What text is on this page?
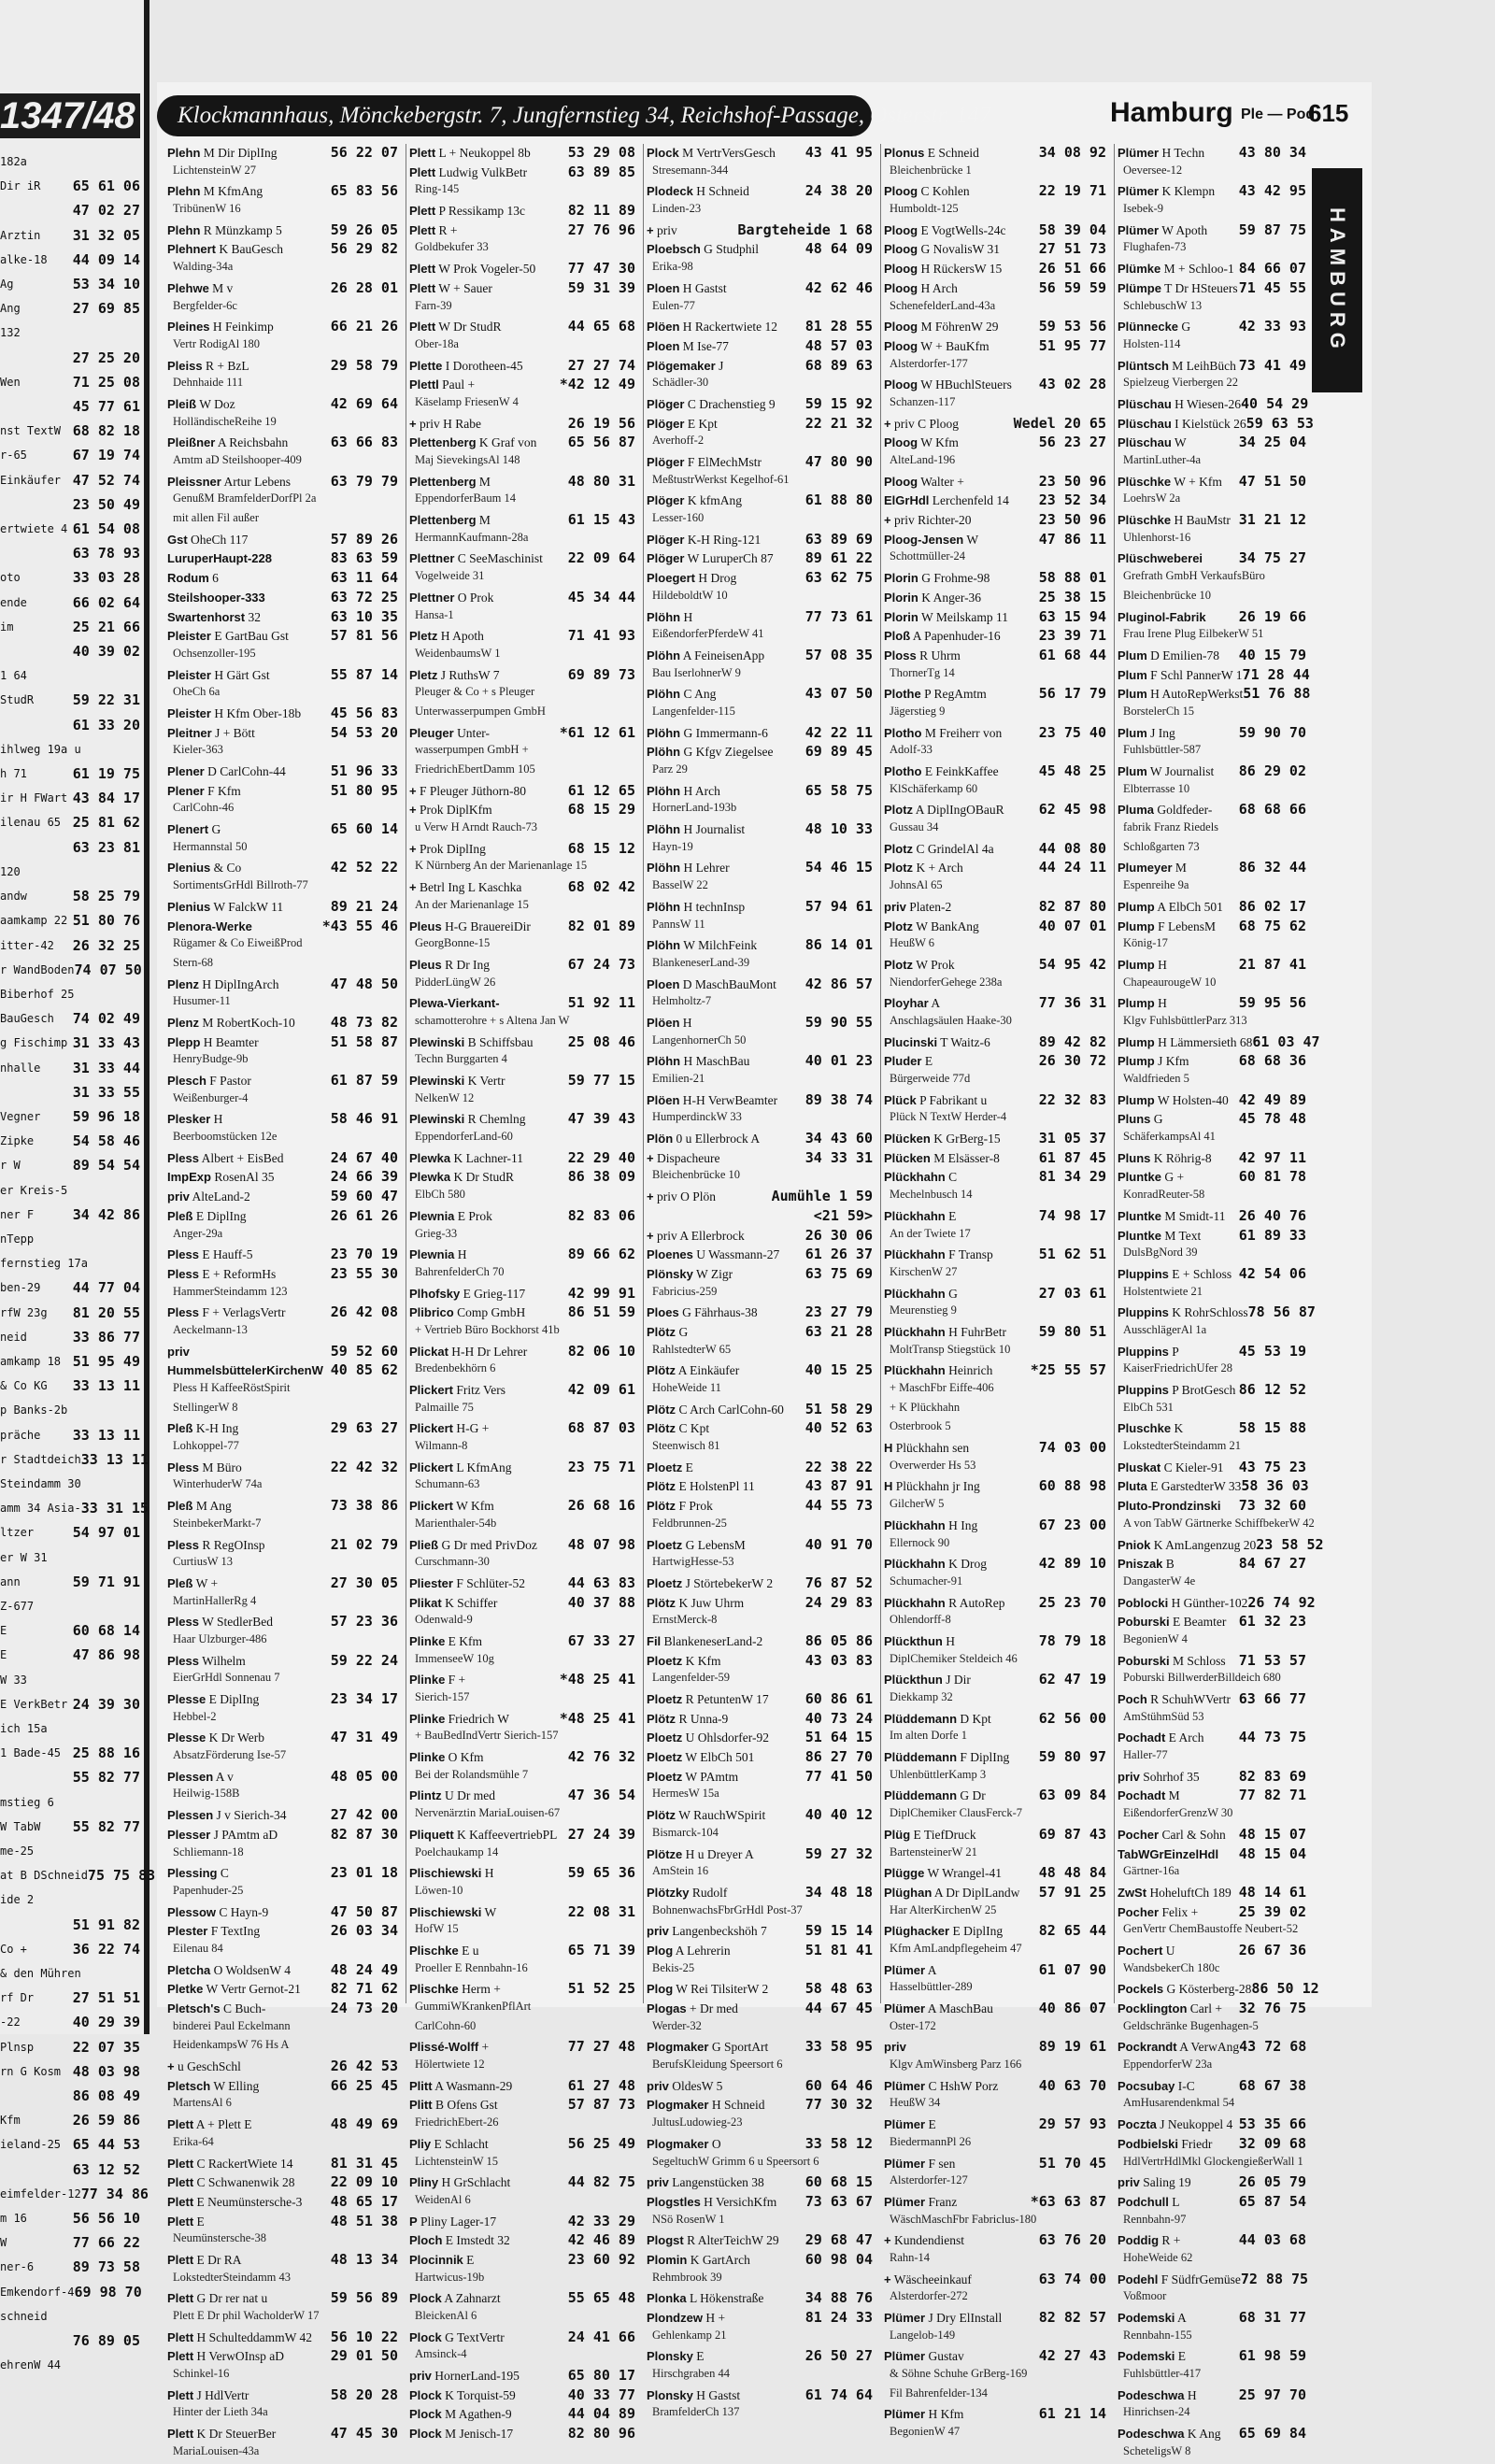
1347/48
182a
Dir iR 65 61 06
47 02 27
Arztin 31 32 05
alke-18 44 09 14
Ag	53 34 10
Ang	27 69 85
132
27 25 20
Wen	71 25 08
45 77 61
nst TextW 68 82 18
r-65	67 19 74
Einkäufer 47 52 74
23 50 49
ertwiete 4 61 54 08
63 78 93
oto	33 03 28
ende	66 02 64
im	25 21 66
40 39 02
1 64
StudR	59 22 31
61 33 20
ihlweg 19a u
h 71	61 19 75
ir H FWart 43 84 17
ilenau 65 25 81 62
63 23 81
120
andw	58 25 79
aamkamp 22 51 80 76
itter-42 26 32 25
r WandBoden 74 07 50
Biberhof 25
BauGesch 74 02 49
g Fischimp 31 33 43
nhalle 31 33 44
31 33 55
Vegner 59 96 18
Zipke	54 58 46
r W	89 54 54
er Kreis-5
ner F	34 42 86
nTepp
fernstieg 17a
ben-29 44 77 04
rfW 23g 81 20 55
neid	33 86 77
amkamp 18 51 95 49
& Co KG 33 13 11
p Banks-2b
präche 33 13 11
r Stadtdeich 33 13 11
Steindamm 30
amm 34 Asia- 33 31 15
ltzer	54 97 01
er W 31
ann	59 71 91
Z-677
E	60 68 14
E	47 86 98
W 33
E VerkBetr 24 39 30
ich 15a
1 Bade-45 25 88 16
55 82 77
mstieg 6
W TabW 55 82 77
me-25
at B DSchneid 75 75 83
ide 2
51 91 82
Co +	36 22 74
& den Mühren
rf Dr	27 51 51
-22	40 29 39
Plnsp	22 07 35
rn G Kosm 48 03 98
86 08 49
Kfm	26 59 86
ieland-25 65 44 53
63 12 52
eimfelder-12 77 34 86
m 16	56 56 10
W	77 66 22
ner-6	89 73 58
Emkendorf-4 69 98 70
schneid
76 89 05
ehrenW 44
Klockmannhaus, Mönckebergstr. 7, Jungfernstieg 34, Reichshof-Passage, Osterstr. 147	Hamburg Ple — Pod
615
HAMBURG
Plehn M Dir DiplIng	56 22 07
LichtensteinW 27
Plehn M KfmAng	65 83 56
TribünenW 16
Plehn R Münzkamp 5	59 26 05
Plehnert K BauGesch	56 29 82
Walding-34a
Plehwe M v	26 28 01
Bergfelder-6c
Pleines H Feinkimp	66 21 26
Vertr RodigAl 180
Pleiss R + BzL	29 58 79
Dehnhaide 111
Pleiß W Doz	42 69 64
HolländischeReihe 19
Pleißner A Reichsbahn	63 66 83
Amtm aD Steilshooper-409
Pleissner Artur Lebens	63 79 79
GenußM BramfelderDorfPl 2a
mit allen Fil außer
Gst OheCh 117	57 89 26
LuruperHaupt-228	83 63 59
Rodum 6	63 11 64
Steilshooper-333	63 72 25
Swartenhorst 32	63 10 35
Pleister E GartBau Gst	57 81 56
Ochsenzoller-195
Pleister H Gärt Gst	55 87 14
OheCh 6a
Pleister H Kfm Ober-18b 45 56 83
Pleitner J + Bött	54 53 20
Kieler-363
Plener D CarlCohn-44	51 96 33
Plener F Kfm	51 80 95
CarlCohn-46
Plenert G	65 60 14
Hermannstal 50
Plenius & Co	42 52 22
SortimentsGrHdl Billroth-77
Plenius W FalckW 11	89 21 24
Plenora-Werke	*43 55 46
Rügamer & Co EiweißProd
Stern-68
Plenz H DiplIngArch	47 48 50
Husumer-11
Plenz M RobertKoch-10	48 73 82
Plepp H Beamter	51 58 87
HenryBudge-9b
Plesch F Pastor	61 87 59
Weißenburger-4
Plesker H	58 46 91
Beerboomstücken 12e
Pless Albert + EisBed	24 67 40
ImpExp RosenAl 35	24 66 39
priv AlteLand-2	59 60 47
Pleß E DiplIng	26 61 26
Anger-29a
Pless E Hauff-5	23 70 19
Pless E + ReformHs	23 55 30
HammerSteindamm 123
Pless F + VerlagsVertr	26 42 08
Aeckelmann-13
priv	59 52 60
HummelsbüttelerKirchenW 40 85 62
Pless H KaffeeRöstSpirit
StellingerW 8
Pleß K-H Ing	29 63 27
Lohkoppel-77
Pless M Büro	22 42 32
WinterhuderW 74a
Pleß M Ang	73 38 86
SteinbekerMarkt-7
Pless R RegOInsp	21 02 79
CurtiusW 13
Pleß W +	27 30 05
MartinHallerRg 4
Pless W StedlerBed	57 23 36
Haar Ulzburger-486
Pless Wilhelm	59 22 24
EierGrHdl Sonnenau 7
Plesse E DiplIng	23 34 17
Hebbel-2
Plesse K Dr Werb	47 31 49
AbsatzFörderung Ise-57
Plessen A v	48 05 00
Heilwig-158B
Plessen J v Sierich-34	27 42 00
Plesser J PAmtm aD	82 87 30
Schliemann-18
Plessing C	23 01 18
Papenhuder-25
Plessow C Hayn-9	47 50 87
Plester F TextIng	26 03 34
Eilenau 84
Pletcha O WoldsenW 4	48 24 49
Pletke W Vertr Gernot-21 82 71 62
Pletsch's C Buch-	24 73 20
binderei Paul Eckelmann
HeidenkampsW 76 Hs A
+ u GeschSchl	26 42 53
Pletsch W Elling	66 25 45
MartensAl 6
Plett A + Plett E	48 49 69
Erika-64
Plett C RackertWiete 14	81 31 45
Plett C Schwanenwik 28	22 09 10
Plett E Neumünstersche-3 48 65 17
Plett E	48 51 38
Neumünstersche-38
Plett E Dr RA	48 13 34
LokstedterSteindamm 43
Plett G Dr rer nat u	59 56 89
Plett E Dr phil WacholderW 17
Plett H SchulteddammW 42 56 10 22
Plett H VerwOInsp aD	29 01 50
Schinkel-16
Plett J HdlVertr	58 20 28
Hinter der Lieth 34a
Plett K Dr SteuerBer	47 45 30
MariaLouisen-43a
Plett L + Neukoppel 8b	53 29 08
Plett Ludwig VulkBetr	63 89 85
Ring-145
Plett P Ressikamp 13c	82 11 89
Plett R +	27 76 96
Goldbekufer 33
Plett W Prok Vogeler-50 77 47 30
Plett W + Sauer	59 31 39
Farn-39
Plett W Dr StudR	44 65 68
Ober-18a
Plette I Dorotheen-45	27 27 74
Plettl Paul +	*42 12 49
Käselamp FriesenW 4
+ priv H Rabe	26 19 56
Plettenberg K Graf von 65 56 87
Maj SievekingsAl 148
Plettenberg M	48 80 31
EppendorferBaum 14
Plettenberg M	61 15 43
HermannKaufmann-28a
Plettner C SeeMaschinist 22 09 64
Vogelweide 31
Plettner O Prok	45 34 44
Hansa-1
Pletz H Apoth	71 41 93
WeidenbaumsW 1
Pletz J RuthsW 7	69 89 73
Pleuger & Co + s Pleuger
Unterwasserpumpen GmbH
Pleuger Unter-	*61 12 61
wasserpumpen GmbH +
FriedrichEbertDamm 105
+ F Pleuger Jüthorn-80	61 12 65
+ Prok DiplKfm	68 15 29
u Verw H Arndt Rauch-73
+ Prok DiplIng	68 15 12
K Nürnberg An der Marienanlage 15
+ Betrl Ing L Kaschka	68 02 42
An der Marienanlage 15
Pleus H-G BrauereiDir	82 01 89
GeorgBonne-15
Pleus R Dr Ing	67 24 73
PidderLüngW 26
Plewa-Vierkant-	51 92 11
schamotterohre + s Altena Jan W
Plewinski B Schiffsbau 25 08 46
Techn Burggarten 4
Plewinski K Vertr	59 77 15
NelkenW 12
Plewinski R Chemlng	47 39 43
EppendorferLand-60
Plewka K Lachner-11	22 29 40
Plewka K Dr StudR	86 38 09
ElbCh 580
Plewnia E Prok	82 83 06
Grieg-33
Plewnia H	89 66 62
BahrenfelderCh 70
Plhofsky E Grieg-117	42 99 91
Plibrico Comp GmbH	86 51 59
+ Vertrieb Büro Bockhorst 41b
Plickat H-H Dr Lehrer	82 06 10
Bredenbekhörn 6
Plickert Fritz Vers	42 09 61
Palmaille 75
Plickert H-G +	68 87 03
Wilmann-8
Plickert L KfmAng	23 75 71
Schumann-63
Plickert W Kfm	26 68 16
Marienthaler-54b
Pließ G Dr med PrivDoz 48 07 98
Curschmann-30
Pliester F Schlüter-52	44 63 83
Plikat K Schiffer	40 37 88
Odenwald-9
Plinke E Kfm	67 33 27
ImmenseeW 10g
Plinke F +	*48 25 41
Sierich-157
Plinke Friedrich W	*48 25 41
+ BauBedIndVertr Sierich-157
Plinke O Kfm	42 76 32
Bei der Rolandsmühle 7
Plintz U Dr med	47 36 54
Nervenärztin MariaLouisen-67
Pliquett K KaffeevertriebPL 27 24 39
Poelchaukamp 14
Plischiewski H	59 65 36
Löwen-10
Plischiewski W	22 08 31
HofW 15
Plischke E u	65 71 39
Proeller E Rennbahn-16
Plischke Herm +	51 52 25
GummiWKrankenPflArt
CarlCohn-60
Plissé-Wolff +	77 27 48
Hölertwiete 12
Plitt A Wasmann-29	61 27 48
Plitt B Ofens Gst	57 87 73
FriedrichEbert-26
Pliy E Schlacht	56 25 49
LichtensteinW 15
Pliny H GrSchlacht	44 82 75
WeidenAl 6
P Pliny Lager-17	42 33 29
Ploch E Imstedt 32	42 46 89
Plocinnik E	23 60 92
Hartwicus-19b
Plock A Zahnarzt	55 65 48
BleickenAl 6
Plock G TextVertr	24 41 66
Amsinck-4
priv HornerLand-195	65 80 17
Plock K Torquist-59	40 33 77
Plock M Agathen-9	44 04 89
Plock M Jenisch-17	82 80 96
Plock M VertrVersGesch 43 41 95
Stresemann-344
Plodeck H Schneid	24 38 20
Linden-23
+ priv	Bargteheide 1 68
Ploebsch G Studphil	48 64 09
Erika-98
Ploen H Gastst	42 62 46
Eulen-77
Plöen H Rackertwiete 12 81 28 55
Ploen M Ise-77	48 57 03
Plögemaker J	68 89 63
Schädler-30
Plöger C Drachenstieg 9 59 15 92
Plöger E Kpt	22 21 32
Averhoff-2
Plöger F ElMechMstr	47 80 90
MeßtustrWerkst Kegelhof-61
Plöger K kfmAng	61 88 80
Lesser-160
Plöger K-H Ring-121	63 89 69
Plöger W LuruperCh 87 89 61 22
Ploegert H Drog	63 62 75
HildeboldtW 10
Plöhn H	77 73 61
EißendorferPferdeW 41
Plöhn A FeineisenApp	57 08 35
Bau IserlohnerW 9
Plöhn C Ang	43 07 50
Langenfelder-115
Plöhn G Immermann-6	42 22 11
Plöhn G Kfgv Ziegelsee 69 89 45
Parz 29
Plöhn H Arch	65 58 75
HornerLand-193b
Plöhn H Journalist	48 10 33
Hayn-19
Plöhn H Lehrer	54 46 15
BasselW 22
Plöhn H technInsp	57 94 61
PannsW 11
Plöhn W MilchFeink	86 14 01
BlankeneserLand-39
Ploen D MaschBauMont 42 86 57
Helmholtz-7
Plöen H	59 90 55
LangenhornerCh 50
Plöhn H MaschBau	40 01 23
Emilien-21
Plöen H-H VerwBeamter 89 38 74
HumperdinckW 33
Plön 0 u Ellerbrock A	34 43 60
+ Dispacheure	34 33 31
Bleichenbrücke 10
+ priv O Plön	Aumühle 1 59
<21 59>
+ priv A Ellerbrock	26 30 06
Ploenes U Wassmann-27 61 26 37
Plönsky W Zigr	63 75 69
Fabricius-259
Ploes G Fährhaus-38	23 27 79
Plötz G	63 21 28
RahlstedterW 65
Plötz A Einkäufer	40 15 25
HoheWeide 11
Plötz C Arch CarlCohn-60 51 58 29
Plötz C Kpt	40 52 63
Steenwisch 81
Ploetz E	22 38 22
Plötz E HolstenPl 11	43 87 91
Plötz F Prok	44 55 73
Feldbrunnen-25
Ploetz G LebensM	40 91 70
HartwigHesse-53
Ploetz J StörtebekerW 2 76 87 52
Plötz K Juw Uhrm	24 29 83
ErnstMerck-8
Fil BlankeneserLand-2	86 05 86
Ploetz K Kfm	43 03 83
Langenfelder-59
Ploetz R PetuntenW 17	60 86 61
Plötz R Unna-9	40 73 24
Ploetz U Ohlsdorfer-92	51 64 15
Ploetz W ElbCh 501	86 27 70
Ploetz W PAmtm	77 41 50
HermesW 15a
Plötz W RauchWSpirit	40 40 12
Bismarck-104
Plötze H u Dreyer A	59 27 32
AmStein 16
Plötzky Rudolf	34 48 18
BohnenwachsFbrGrHdl Post-37
priv Langenbeckshöh 7	59 15 14
Plog A Lehrerin	51 81 41
Bekis-25
Plog W Rei TilsiterW 2	58 48 63
Plogas + Dr med	44 67 45
Werder-32
Plogmaker G SportArt	33 58 95
BerufsKleidung Speersort 6
priv OldesW 5	60 64 46
Plogmaker H Schneid	77 30 32
JultusLudowieg-23
Plogmaker O	33 58 12
SegeltuchW Grimm 6 u Speersort 6
priv Langenstücken 38	60 68 15
Plogstles H VersichKfm 73 63 67
NSö RosenW 1
Plogst R AlterTeichW 29 29 68 47
Plomin K GartArch	60 98 04
Rehmbrook 39
Plonka L Hökenstraße	34 88 76
Plondzew H +	81 24 33
Gehlenkamp 21
Plonsky E	26 50 27
Hirschgraben 44
Plonsky H Gastst	61 74 64
BramfelderCh 137
Plonus E Schneid	34 08 92
Bleichenbrücke 1
Ploog C Kohlen	22 19 71
Humboldt-125
Ploog E VogtWells-24c 58 39 04
Ploog G NovalisW 31	27 51 73
Ploog H RückersW 15	26 51 66
Ploog H Arch	56 59 59
SchenefelderLand-43a
Ploog M FöhrenW 29	59 53 56
Ploog W + BauKfm	51 95 77
Alsterdorfer-177
Ploog W HBuchlSteuers 43 02 28
Schanzen-117
+ priv C Ploog	Wedel 20 65
Ploog W Kfm	56 23 27
AlteLand-196
Ploog Walter +	23 50 96
ElGrHdl Lerchenfeld 14 23 52 34
+ priv Richter-20	23 50 96
Ploog-Jensen W	47 86 11
Schottmüller-24
Plorin G Frohme-98	58 88 01
Plorin K Anger-36	25 38 15
Plorin W Meilskamp 11 63 15 94
Ploß A Papenhuder-16	23 39 71
Ploss R Uhrm	61 68 44
ThornerTg 14
Plothe P RegAmtm	56 17 79
Jägerstieg 9
Plotho M Freiherr von	23 75 40
Adolf-33
Plotho E FeinkKaffee	45 48 25
KlSchäferkamp 60
Plotz A DiplIngOBauR 62 45 98
Gussau 34
Plotz C GrindelAl 4a	44 08 80
Plotz K + Arch	44 24 11
JohnsAl 65
priv Platen-2	82 87 80
Plotz W BankAng	40 07 01
HeußW 6
Plotz W Prok	54 95 42
NiendorferGehege 238a
Ployhar A	77 36 31
Anschlagsäulen Haake-30
Plucinski T Waitz-6	89 42 82
Pluder E	26 30 72
Bürgerweide 77d
Plück P Fabrikant u	22 32 83
Plück N TextW Herder-4
Plücken K GrBerg-15	31 05 37
Plücken M Elsässer-8	61 87 45
Plückhahn C	81 34 29
Mechelnbusch 14
Plückhahn E	74 98 17
An der Twiete 17
Plückhahn F Transp	51 62 51
KirschenW 27
Plückhahn G	27 03 61
Meurenstieg 9
Plückhahn H FuhrBetr 59 80 51
MoltTransp Stiegstück 10
Plückhahn Heinrich	*25 55 57
+ MaschFbr Eiffe-406
+ K Plückhahn
Osterbrook 5
H Plückhahn sen	74 03 00
Overwerder Hs 53
H Plückhahn jr Ing	60 88 98
GilcherW 5
Plückhahn H Ing	67 23 00
Ellernock 90
Plückhahn K Drog	42 89 10
Schumacher-91
Plückhahn R AutoRep 25 23 70
Ohlendorff-8
Plückthun H	78 79 18
DiplChemiker Steldeich 46
Plückthun J Dir	62 47 19
Diekkamp 32
Plüddemann D Kpt	62 56 00
Im alten Dorfe 1
Plüddemann F DiplIng 59 80 97
UhlenbüttlerKamp 3
Plüddemann G Dr	63 09 84
DiplChemiker ClausFerck-7
Plüg E TiefDruck	69 87 43
BartensteinerW 21
Plügge W Wrangel-41	48 48 84
Plüghan A Dr DiplLandw 57 91 25
Har AlterKirchenW 25
Plüghacker E DiplIng	82 65 44
Kfm AmLandpflegeheim 47
Plümer A	61 07 90
Hasselbüttler-289
Plümer A MaschBau	40 86 07
Oster-172
priv	89 19 61
Klgv AmWinsberg Parz 166
Plümer C HshW Porz	40 63 70
HeußW 34
Plümer E	29 57 93
BiedermannPl 26
Plümer F sen	51 70 45
Alsterdorfer-127
Plümer Franz	*63 63 87
WäschMaschFbr Fabriclus-180
+ Kundendienst	63 76 20
Rahn-14
+ Wäscheeinkauf	63 74 00
Alsterdorfer-272
Plümer J Dry ElInstall	82 82 57
Langelob-149
Plümer Gustav	42 27 43
& Söhne Schuhe GrBerg-169
Fil Bahrenfelder-134
Plümer H Kfm	61 21 14
BegonienW 47
Plümer H Techn 43 80 34
Oeversee-12
Plümer K Klempn 43 42 95
Isebek-9
Plümer W Apoth 59 87 75
Flughafen-73
Plümke M + Schloo-1 84 66 07
Plümpe T Dr HSteuers 71 45 55
SchlebuschW 13
Plünnecke G	42 33 93
Holsten-114
Plüntsch M LeihBüch 73 41 49
Spielzeug Vierbergen 22
Plüschau H Wiesen-26 40 54 29
Plüschau I Kielstück 26 59 63 53
Plüschau W	34 25 04
MartinLuther-4a
Plüschke W + Kfm 47 51 50
LoehrsW 2a
Plüschke H BauMstr 31 21 12
Uhlenhorst-16
Plüschweberei	34 75 27
Grefrath GmbH VerkaufsBüro
Bleichenbrücke 10
Pluginol-Fabrik 26 19 66
Frau Irene Plug EilbekerW 51
Plum D Emilien-78 40 15 79
Plum F Schl PannerW 1 71 28 44
Plum H AutoRepWerkst 51 76 88
BorstelerCh 15
Plum J Ing	59 90 70
Fuhlsbüttler-587
Plum W Journalist 86 29 02
Elbterrasse 10
Pluma Goldfeder- 68 68 66
fabrik Franz Riedels
Schloßgarten 73
Plumeyer M	86 32 44
Espenreihe 9a
Plump A ElbCh 501 86 02 17
Plump F LebensM 68 75 62
König-17
Plump H	21 87 41
ChapeaurougeW 10
Plump H	59 95 56
Klgv FuhlsbüttlerParz 313
Plump H Lämmersieth 68 61 03 47
Plump J Kfm	68 68 36
Waldfrieden 5
Plump W Holsten-40 42 49 89
Pluns G	45 78 48
SchäferkampsAl 41
Pluns K Röhrig-8 42 97 11
Pluntke G +	60 81 78
KonradReuter-58
Pluntke M Smidt-11 26 40 76
Pluntke M Text	61 89 33
DulsBgNord 39
Pluppins E + Schloss 42 54 06
Holstentwiete 21
Pluppins K RohrSchloss 78 56 87
AusschlägerAl 1a
Pluppins P	45 53 19
KaiserFriedrichUfer 28
Pluppins P BrotGesch 86 12 52
ElbCh 531
Pluschke K	58 15 88
LokstedterSteindamm 21
Pluskat C Kieler-91 43 75 23
Pluta E GarstedterW 33 58 36 03
Pluto-Prondzinski 73 32 60
A von TabW Gärtnerke SchiffbekerW 42
Pniok K AmLangenzug 20 23 58 52
Pniszak B	84 67 27
DangasterW 4e
Poblocki H Günther-102 26 74 92
Poburski E Beamter 61 32 23
BegonienW 4
Poburski M Schloss 71 53 57
Poburski BillwerderBilldeich 680
Poch R SchuhWVertr 63 66 77
AmStühmSüd 53
Pochadt E Arch 44 73 75
Haller-77
priv Sohrhof 35	82 83 69
Pochadt M	77 82 71
EißendorferGrenzW 30
Pocher Carl & Sohn 48 15 07
TabWGrEinzelHdl 48 15 04
Gärtner-16a
ZwSt HoheluftCh 189 48 14 61
Pocher Felix +	25 39 02
GenVertr ChemBaustoffe Neubert-52
Pochert U	26 67 36
WandsbekerCh 180c
Pockels G Kösterberg-28 86 50 12
Pocklington Carl + 32 76 75
Geldschränke Bugenhagen-5
Pockrandt A VerwAng 43 72 68
EppendorferW 23a
Pocsubay I-C	68 67 38
AmHusarendenkmal 54
Poczta J Neukoppel 4 53 35 66
Podbielski Friedr 32 09 68
HdlVertrHdlMkl GlockengießerWall 1
priv Saling 19	26 05 79
Podchull L	65 87 54
Rennbahn-97
Poddig R +	44 03 68
HoheWeide 62
Podehl F SüdfrGemüse 72 88 75
Voßmoor
Podemski A	68 31 77
Rennbahn-155
Podemski E	61 98 59
Fuhlsbüttler-417
Podeschwa H	25 97 70
Hinrichsen-24
Podeschwa K Ang 65 69 84
ScheteligsW 8
